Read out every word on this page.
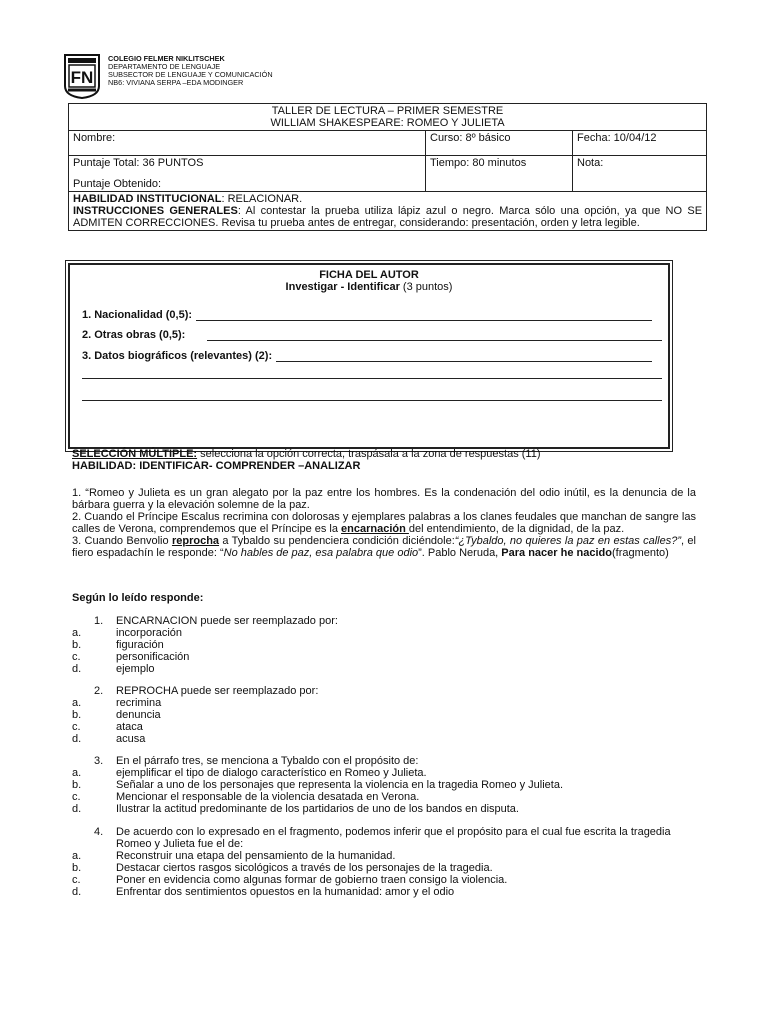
FN
COLEGIO FELMER NIKLITSCHEK
DEPARTAMENTO DE LENGUAJE
SUBSECTOR DE LENGUAJE Y COMUNICACIÓN
NB6: VIVIANA SERPA –EDA MODINGER
TALLER DE LECTURA – PRIMER SEMESTRE
WILLIAM SHAKESPEARE: ROMEO Y JULIETA		

Nombre:	Curso: 8º básico	Fecha: 10/04/12

Puntaje Total: 36 PUNTOS
Puntaje Obtenido:	Tiempo: 80 minutos	Nota:

HABILIDAD INSTITUCIONAL: RELACIONAR.
INSTRUCCIONES GENERALES: Al contestar la prueba utiliza lápiz azul o negro. Marca sólo una opción, ya que NO SE ADMITEN CORRECCIONES. Revisa tu prueba antes de entregar, considerando: presentación, orden y letra legible.		
FICHA DEL AUTOR
Investigar - Identificar (3 puntos)
1. Nacionalidad (0,5):
2. Otras obras (0,5):
3. Datos biográficos (relevantes) (2):
SELECCIÓN MÚLTIPLE: selecciona la opción correcta, traspásala a la zona de respuestas (11)
HABILIDAD: IDENTIFICAR- COMPRENDER –ANALIZAR
1. “Romeo y Julieta es un gran alegato por la paz entre los hombres. Es la condenación del odio inútil, es la denuncia de la bárbara guerra y la elevación solemne de la paz.
2. Cuando el Príncipe Escalus recrimina con dolorosas y ejemplares palabras a los clanes feudales que manchan de sangre las calles de Verona, comprendemos que el Príncipe es la encarnación del entendimiento, de la dignidad, de la paz.
3. Cuando Benvolio reprocha a Tybaldo su pendenciera condición diciéndole:“¿Tybaldo, no quieres la paz en estas calles?”, el fiero espadachín le responde: “No hables de paz, esa palabra que odio”. Pablo Neruda, Para nacer he nacido(fragmento)
Según lo leído responde:
1.	ENCARNACION puede ser reemplazado por:
a.	incorporación
b.	figuración
c.	personificación
d.	ejemplo
2.	REPROCHA puede ser reemplazado por:
a.	recrimina
b.	denuncia
c.	ataca
d.	acusa
3.	En el párrafo tres, se menciona a Tybaldo con el propósito de:
a.	ejemplificar el tipo de dialogo característico en Romeo y Julieta.
b.	Señalar a uno de los personajes que representa la violencia en la tragedia Romeo y Julieta.
c.	Mencionar el responsable de la violencia desatada en Verona.
d.	Ilustrar la actitud predominante de los partidarios de uno de los bandos en disputa.
4.	De acuerdo con lo expresado en el fragmento, podemos inferir que el propósito para el cual fue escrita la tragedia Romeo y Julieta fue el de:
a.	Reconstruir una etapa del pensamiento de la humanidad.
b.	Destacar ciertos rasgos sicológicos a través de los personajes de la tragedia.
c.	Poner en evidencia como algunas formar de gobierno traen consigo la violencia.
d.	Enfrentar dos sentimientos opuestos en la humanidad: amor y el odio
